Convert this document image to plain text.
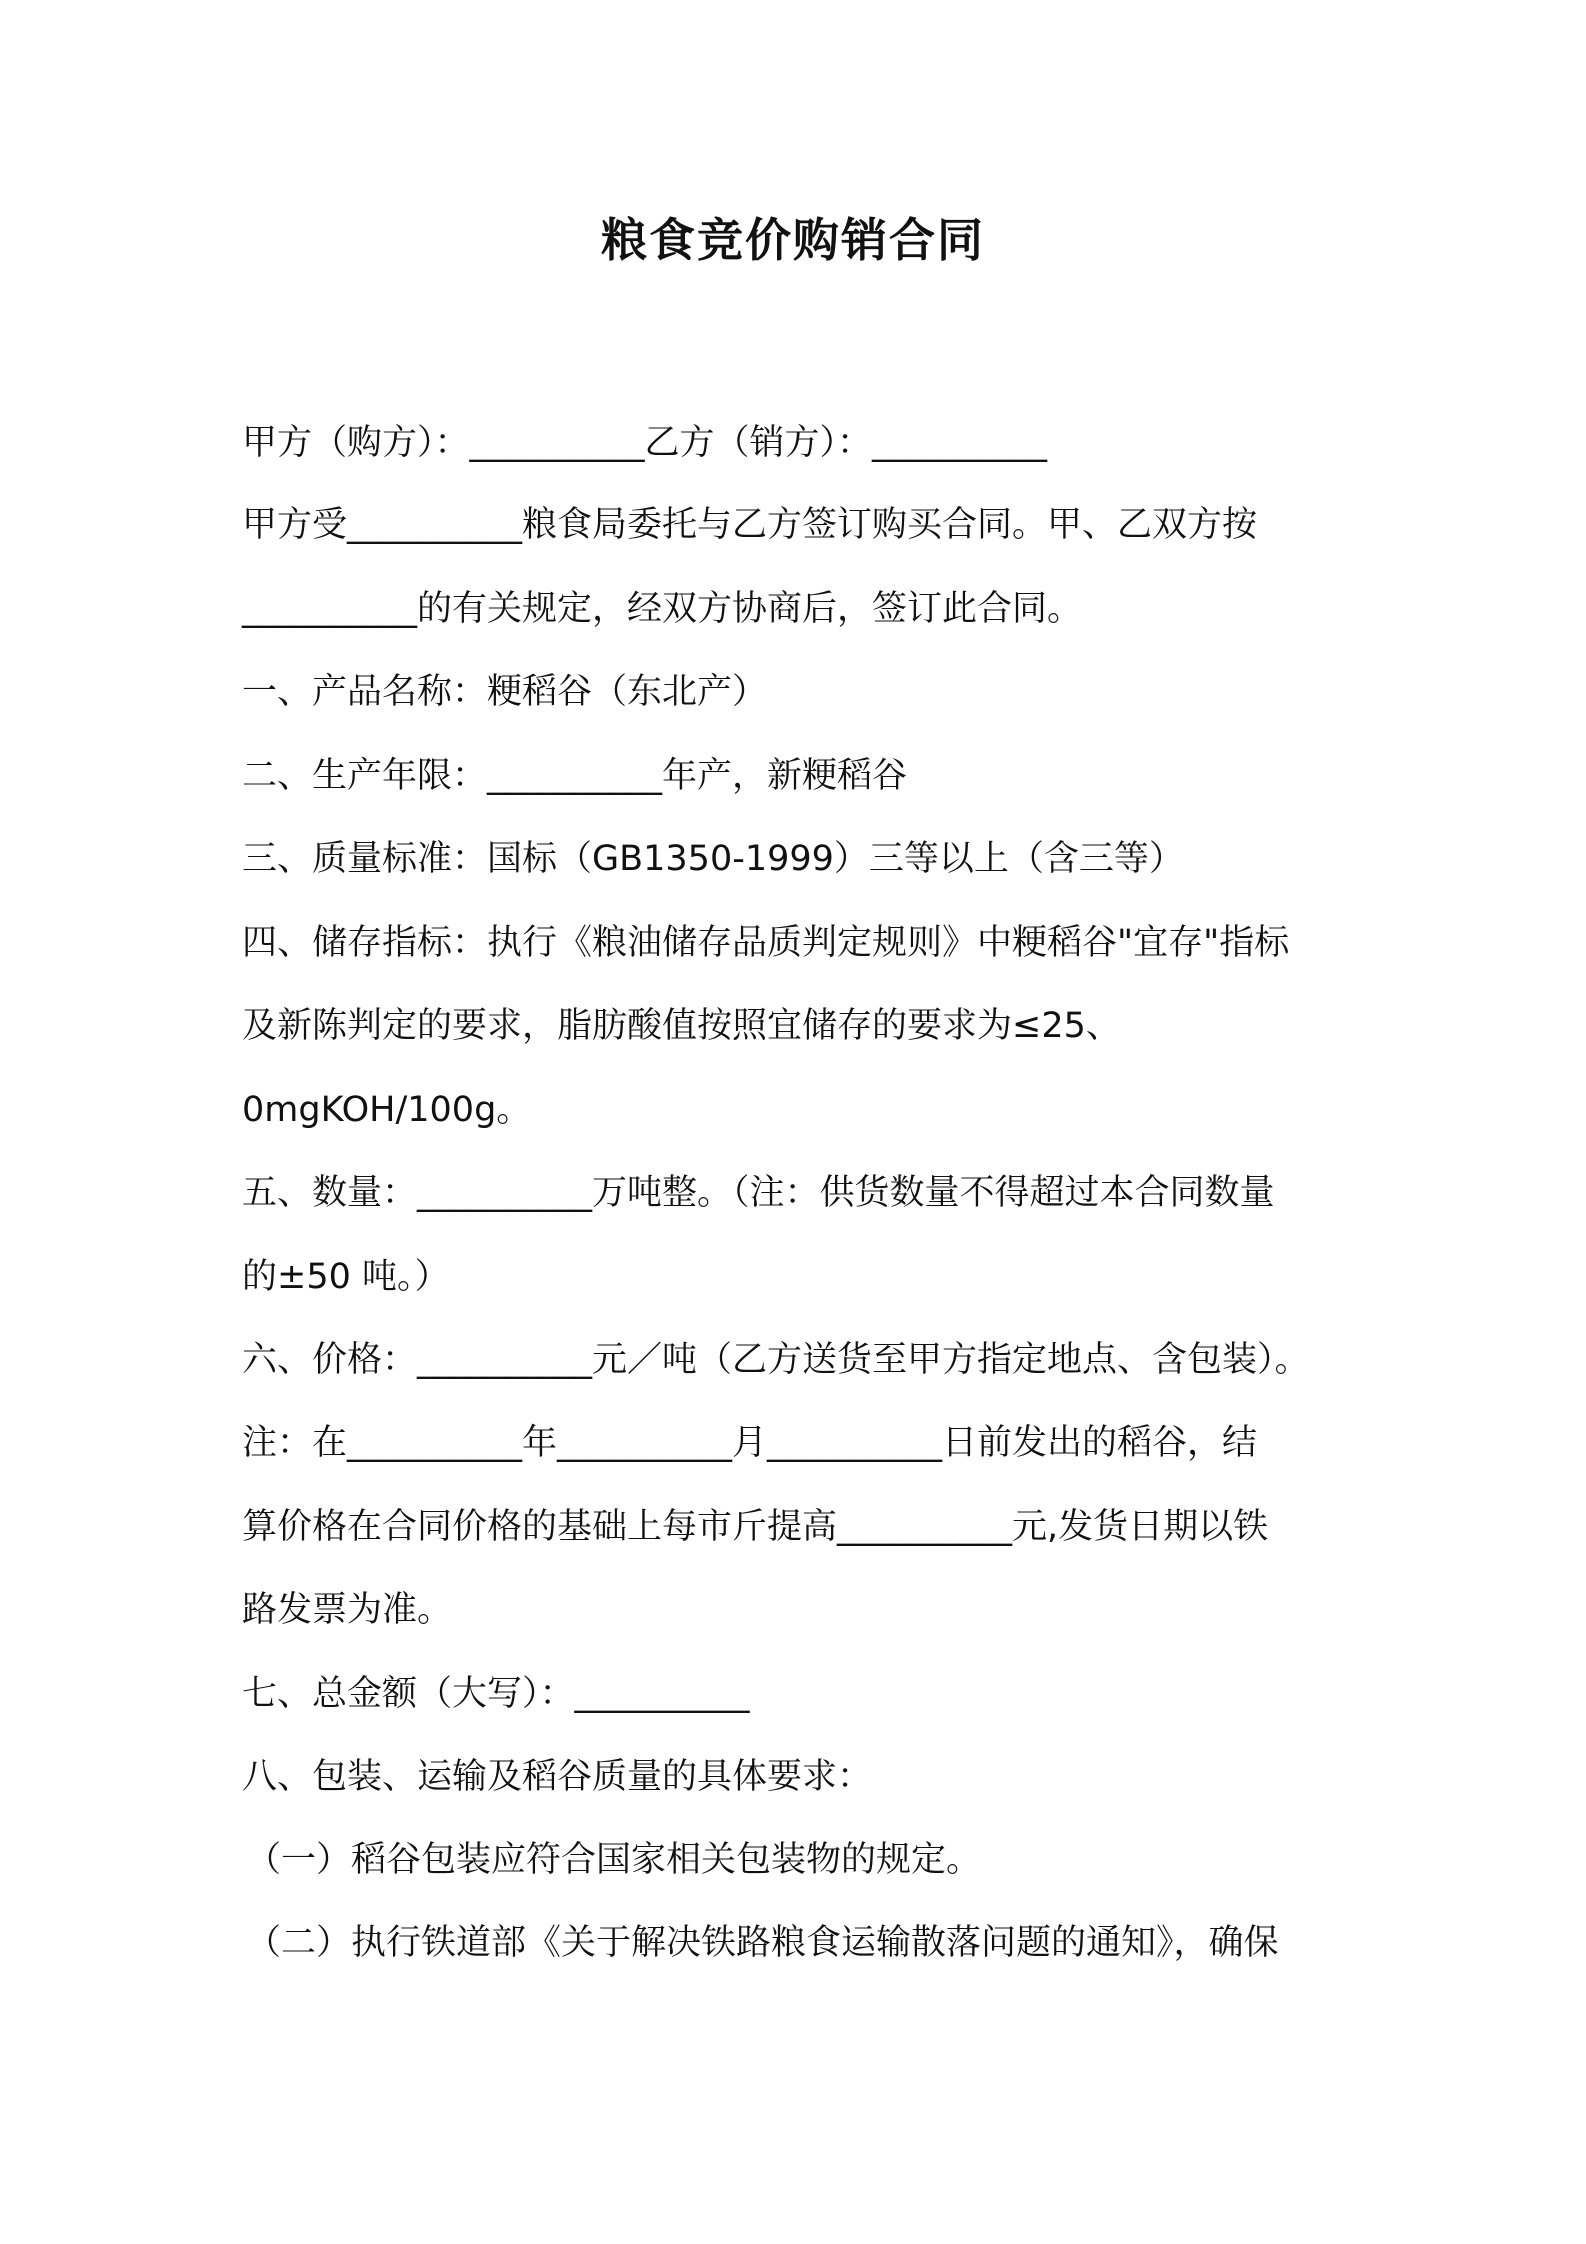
粮食竞价购销合同
甲方（购方）：__________乙方（销方）：__________
甲方受__________粮食局委托与乙方签订购买合同。甲、乙双方按
__________的有关规定，经双方协商后，签订此合同。
一、产品名称：粳稻谷（东北产）
二、生产年限：__________年产，新粳稻谷
三、质量标准：国标（GB1350-1999）三等以上（含三等）
四、储存指标：执行《粮油储存品质判定规则》中粳稻谷"宜存"指标
及新陈判定的要求，脂肪酸值按照宜储存的要求为≤25、
0mgKOH/100g。
五、数量：__________万吨整。（注：供货数量不得超过本合同数量
的±50 吨。）
六、价格：__________元／吨（乙方送货至甲方指定地点、含包装）。
注：在__________年__________月__________日前发出的稻谷，结
算价格在合同价格的基础上每市斤提高__________元,发货日期以铁
路发票为准。
七、总金额（大写）：__________
八、包装、运输及稻谷质量的具体要求：
（一）稻谷包装应符合国家相关包装物的规定。
（二）执行铁道部《关于解决铁路粮食运输散落问题的通知》，确保
